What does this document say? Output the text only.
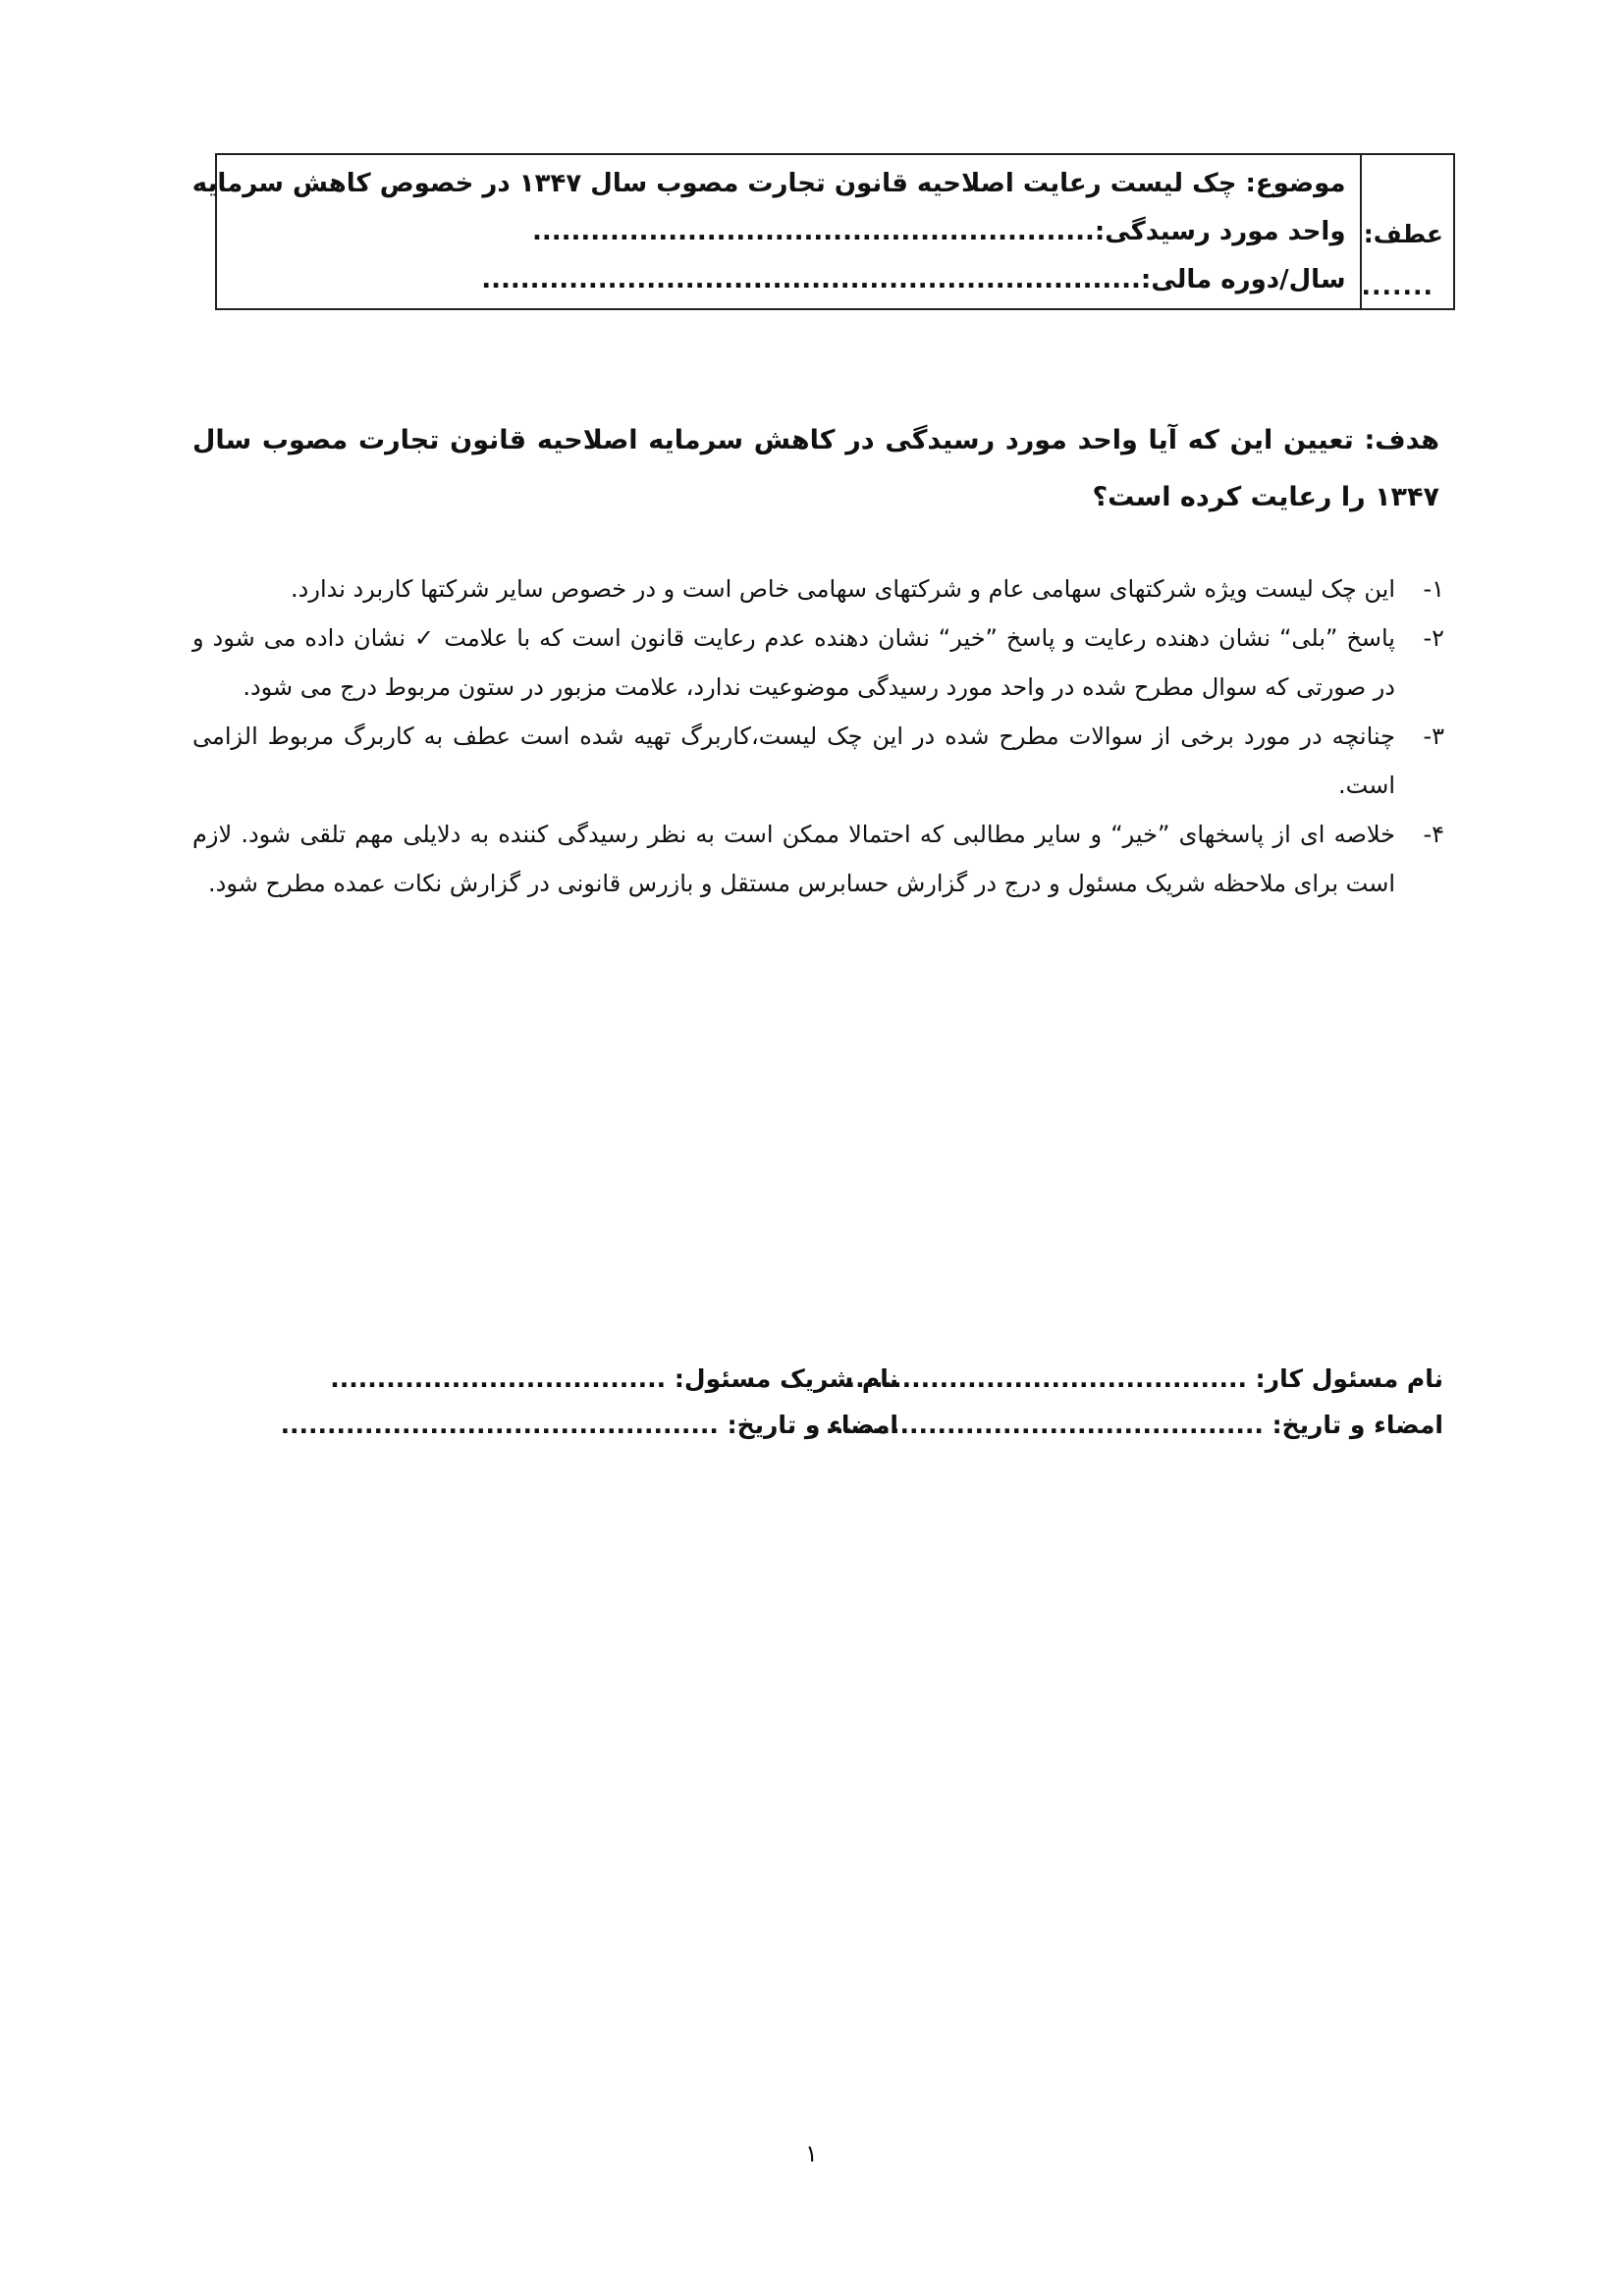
عطف:
.......
موضوع: چک لیست رعایت اصلاحیه قانون تجارت مصوب سال ۱۳۴۷ در خصوص کاهش سرمایه
واحد مورد رسیدگی:..........................................................
سال/دوره مالی:....................................................................
هدف: تعیین این که آیا واحد مورد رسیدگی در کاهش سرمایه اصلاحیه قانون تجارت مصوب سال ۱۳۴۷ را رعایت کرده است؟
۱-
این چک لیست ویژه شرکتهای سهامی عام و شرکتهای سهامی خاص است و در خصوص سایر شرکتها کاربرد ندارد.
۲-
پاسخ ”بلی“ نشان دهنده رعایت و پاسخ ”خیر“ نشان دهنده عدم رعایت قانون است که با علامت ✓ نشان داده می شود و در صورتی که سوال مطرح شده در واحد مورد رسیدگی موضوعیت ندارد، علامت مزبور در ستون مربوط درج می شود.
۳-
چنانچه در مورد برخی از سوالات مطرح شده در این چک لیست،کاربرگ تهیه شده است عطف به کاربرگ مربوط الزامی است.
۴-
خلاصه ای از پاسخهای ”خیر“ و سایر مطالبی که احتمالا ممکن است به نظر رسیدگی کننده به دلایلی مهم تلقی شود. لازم است برای ملاحظه شریک مسئول و درج در گزارش حسابرس مستقل و بازرس قانونی در گزارش نکات عمده مطرح شود.
نام مسئول کار: ...........................................
امضاء و تاریخ: ...............................................
نام شریک مسئول: ....................................
امضاء و تاریخ: ...............................................
۱
